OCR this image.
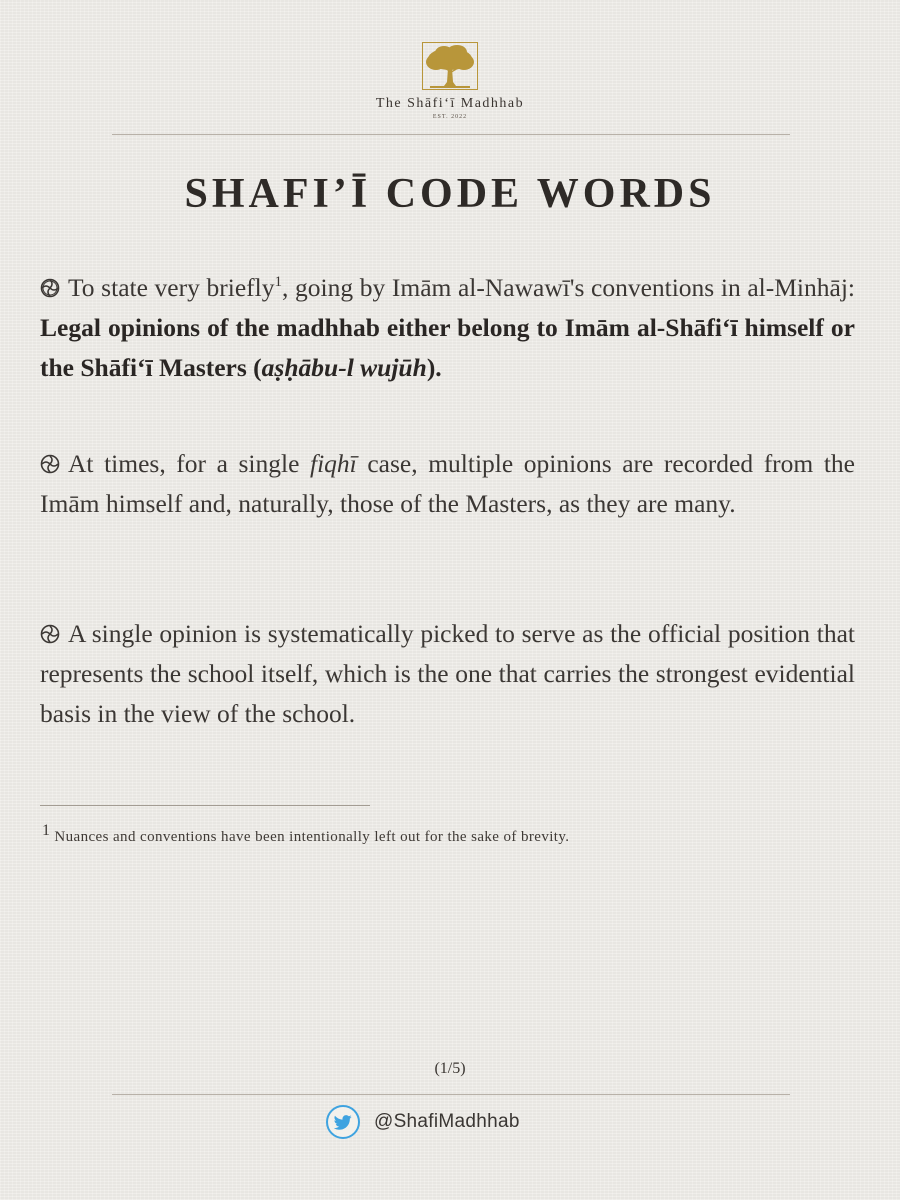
The Shāfi‘ī Madhhab
EST. 2022
SHAFI’Ī CODE WORDS
To state very briefly$^1$, going by Imām al-Nawawī's conventions in al-Minhāj: Legal opinions of the madhhab either belong to Imām al-Shāfi‘ī himself or the Shāfi‘ī Masters (aṣḥābu-l wujūh).
At times, for a single fiqhī case, multiple opinions are recorded from the Imām himself and, naturally, those of the Masters, as they are many.
A single opinion is systematically picked to serve as the official position that represents the school itself, which is the one that carries the strongest evidential basis in the view of the school.
1 Nuances and conventions have been intentionally left out for the sake of brevity.
(1/5)
@ShafiMadhhab
